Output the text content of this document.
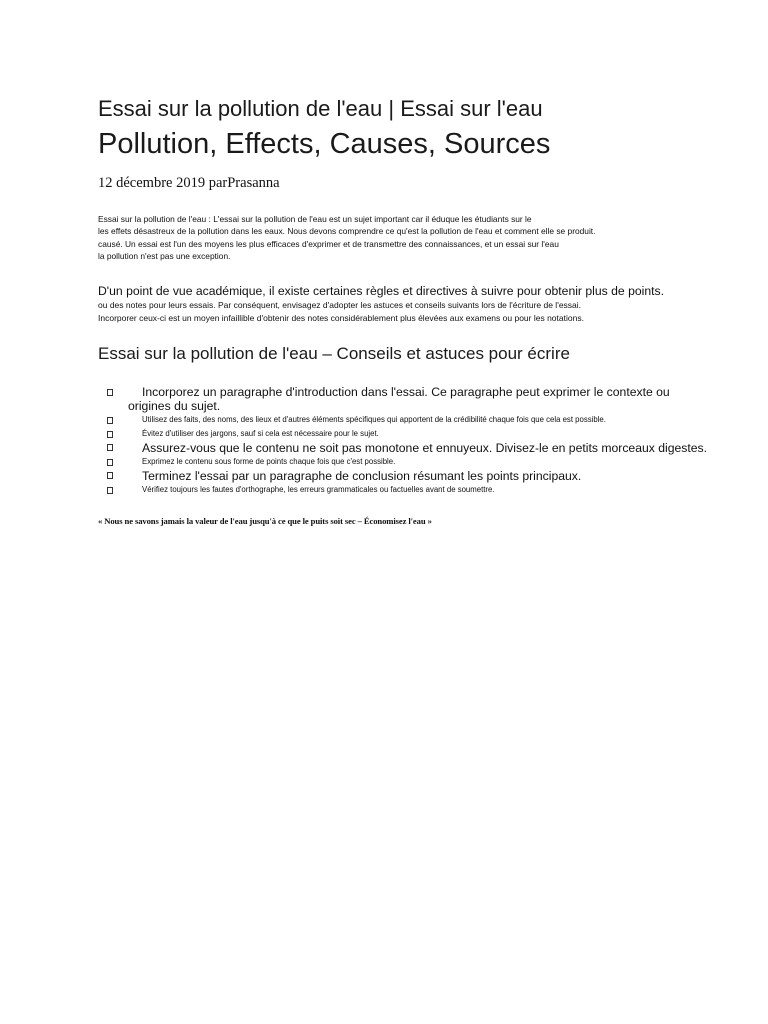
Essai sur la pollution de l'eau | Essai sur l'eau
Pollution, Effects, Causes, Sources
12 décembre 2019 parPrasanna

Essai sur la pollution de l'eau : L'essai sur la pollution de l'eau est un sujet important car il éduque les étudiants sur le
les effets désastreux de la pollution dans les eaux. Nous devons comprendre ce qu'est la pollution de l'eau et comment elle se produit.
causé. Un essai est l'un des moyens les plus efficaces d'exprimer et de transmettre des connaissances, et un essai sur l'eau
la pollution n'est pas une exception.

D'un point de vue académique, il existe certaines règles et directives à suivre pour obtenir plus de points.
ou des notes pour leurs essais. Par conséquent, envisagez d'adopter les astuces et conseils suivants lors de l'écriture de l'essai.
Incorporer ceux-ci est un moyen infaillible d'obtenir des notes considérablement plus élevées aux examens ou pour les notations.

Essai sur la pollution de l'eau – Conseils et astuces pour écrire
Incorporez un paragraphe d'introduction dans l'essai. Ce paragraphe peut exprimer le contexte ou
origines du sujet.
Utilisez des faits, des noms, des lieux et d'autres éléments spécifiques qui apportent de la crédibilité chaque fois que cela est possible.
Évitez d'utiliser des jargons, sauf si cela est nécessaire pour le sujet.
Assurez-vous que le contenu ne soit pas monotone et ennuyeux. Divisez-le en petits morceaux digestes.
Exprimez le contenu sous forme de points chaque fois que c'est possible.
Terminez l'essai par un paragraphe de conclusion résumant les points principaux.
Vérifiez toujours les fautes d'orthographe, les erreurs grammaticales ou factuelles avant de soumettre.
« Nous ne savons jamais la valeur de l'eau jusqu'à ce que le puits soit sec – Économisez l'eau »
